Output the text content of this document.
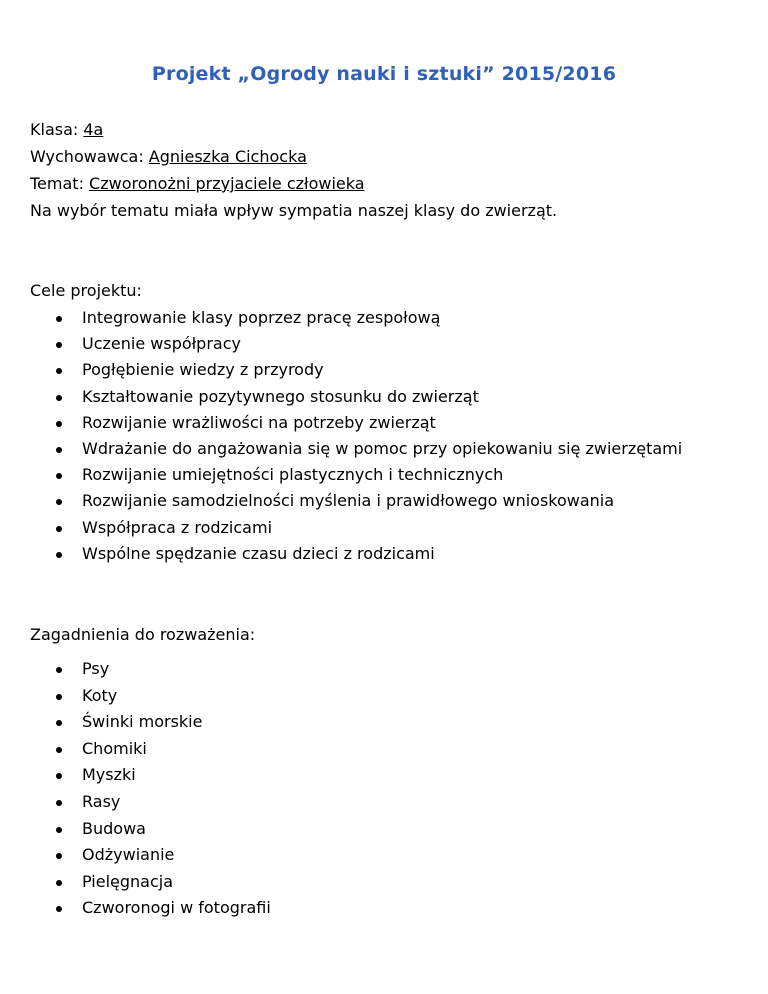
Projekt „Ogrody nauki i sztuki” 2015/2016
Klasa: 4a
Wychowawca: Agnieszka Cichocka
Temat: Czworonożni przyjaciele człowieka
Na wybór tematu miała wpływ sympatia naszej klasy do zwierząt.
Cele projektu:
Integrowanie klasy poprzez pracę zespołową
Uczenie współpracy
Pogłębienie wiedzy z przyrody
Kształtowanie pozytywnego stosunku do zwierząt
Rozwijanie wrażliwości na potrzeby zwierząt
Wdrażanie do angażowania się w pomoc przy opiekowaniu się zwierzętami
Rozwijanie umiejętności plastycznych i technicznych
Rozwijanie samodzielności myślenia i prawidłowego wnioskowania
Współpraca z rodzicami
Wspólne spędzanie czasu dzieci z rodzicami
Zagadnienia do rozważenia:
Psy
Koty
Świnki morskie
Chomiki
Myszki
Rasy
Budowa
Odżywianie
Pielęgnacja
Czworonogi w fotografii
